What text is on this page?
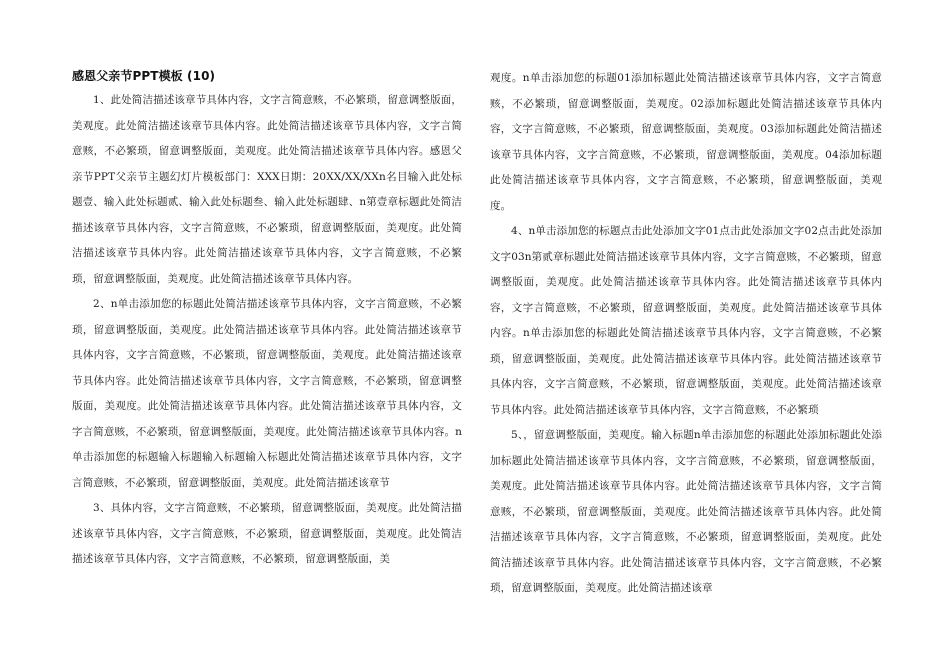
感恩父亲节PPT模板 (10)

1、此处简洁描述该章节具体内容，文字言简意赅，不必繁琐，留意调整版面，美观度。此处简洁描述该章节具体内容。此处简洁描述该章节具体内容，文字言简意赅，不必繁琐，留意调整版面，美观度。此处简洁描述该章节具体内容。感恩父亲节PPT父亲节主题幻灯片模板部门：XXX日期：20XX/XX/XXn名目输入此处标题壹、输入此处标题贰、输入此处标题叁、输入此处标题肆、n第壹章标题此处简洁描述该章节具体内容，文字言简意赅，不必繁琐，留意调整版面，美观度。此处简洁描述该章节具体内容。此处简洁描述该章节具体内容，文字言简意赅，不必繁琐，留意调整版面，美观度。此处简洁描述该章节具体内容。

2、n单击添加您的标题此处简洁描述该章节具体内容，文字言简意赅，不必繁琐，留意调整版面，美观度。此处简洁描述该章节具体内容。此处简洁描述该章节具体内容，文字言简意赅，不必繁琐，留意调整版面，美观度。此处简洁描述该章节具体内容。此处简洁描述该章节具体内容，文字言简意赅，不必繁琐，留意调整版面，美观度。此处简洁描述该章节具体内容。此处简洁描述该章节具体内容，文字言简意赅，不必繁琐，留意调整版面，美观度。此处简洁描述该章节具体内容。n单击添加您的标题输入标题输入标题输入标题此处简洁描述该章节具体内容，文字言简意赅，不必繁琐，留意调整版面，美观度。此处简洁描述该章节

3、具体内容，文字言简意赅，不必繁琐，留意调整版面，美观度。此处简洁描述该章节具体内容，文字言简意赅，不必繁琐，留意调整版面，美观度。此处简洁描述该章节具体内容，文字言简意赅，不必繁琐，留意调整版面，美

观度。n单击添加您的标题01添加标题此处简洁描述该章节具体内容，文字言简意赅，不必繁琐，留意调整版面，美观度。02添加标题此处简洁描述该章节具体内容，文字言简意赅，不必繁琐，留意调整版面，美观度。03添加标题此处简洁描述该章节具体内容，文字言简意赅，不必繁琐，留意调整版面，美观度。04添加标题此处简洁描述该章节具体内容，文字言简意赅，不必繁琐，留意调整版面，美观度。

4、n单击添加您的标题点击此处添加文字01点击此处添加文字02点击此处添加文字03n第贰章标题此处简洁描述该章节具体内容，文字言简意赅，不必繁琐，留意调整版面，美观度。此处简洁描述该章节具体内容。此处简洁描述该章节具体内容，文字言简意赅，不必繁琐，留意调整版面，美观度。此处简洁描述该章节具体内容。n单击添加您的标题此处简洁描述该章节具体内容，文字言简意赅，不必繁琐，留意调整版面，美观度。此处简洁描述该章节具体内容。此处简洁描述该章节具体内容，文字言简意赅，不必繁琐，留意调整版面，美观度。此处简洁描述该章节具体内容。此处简洁描述该章节具体内容，文字言简意赅，不必繁琐

5、，留意调整版面，美观度。输入标题n单击添加您的标题此处添加标题此处添加标题此处简洁描述该章节具体内容，文字言简意赅，不必繁琐，留意调整版面，美观度。此处简洁描述该章节具体内容。此处简洁描述该章节具体内容，文字言简意赅，不必繁琐，留意调整版面，美观度。此处简洁描述该章节具体内容。此处简洁描述该章节具体内容，文字言简意赅，不必繁琐，留意调整版面，美观度。此处简洁描述该章节具体内容。此处简洁描述该章节具体内容，文字言简意赅，不必繁琐，留意调整版面，美观度。此处简洁描述该章
